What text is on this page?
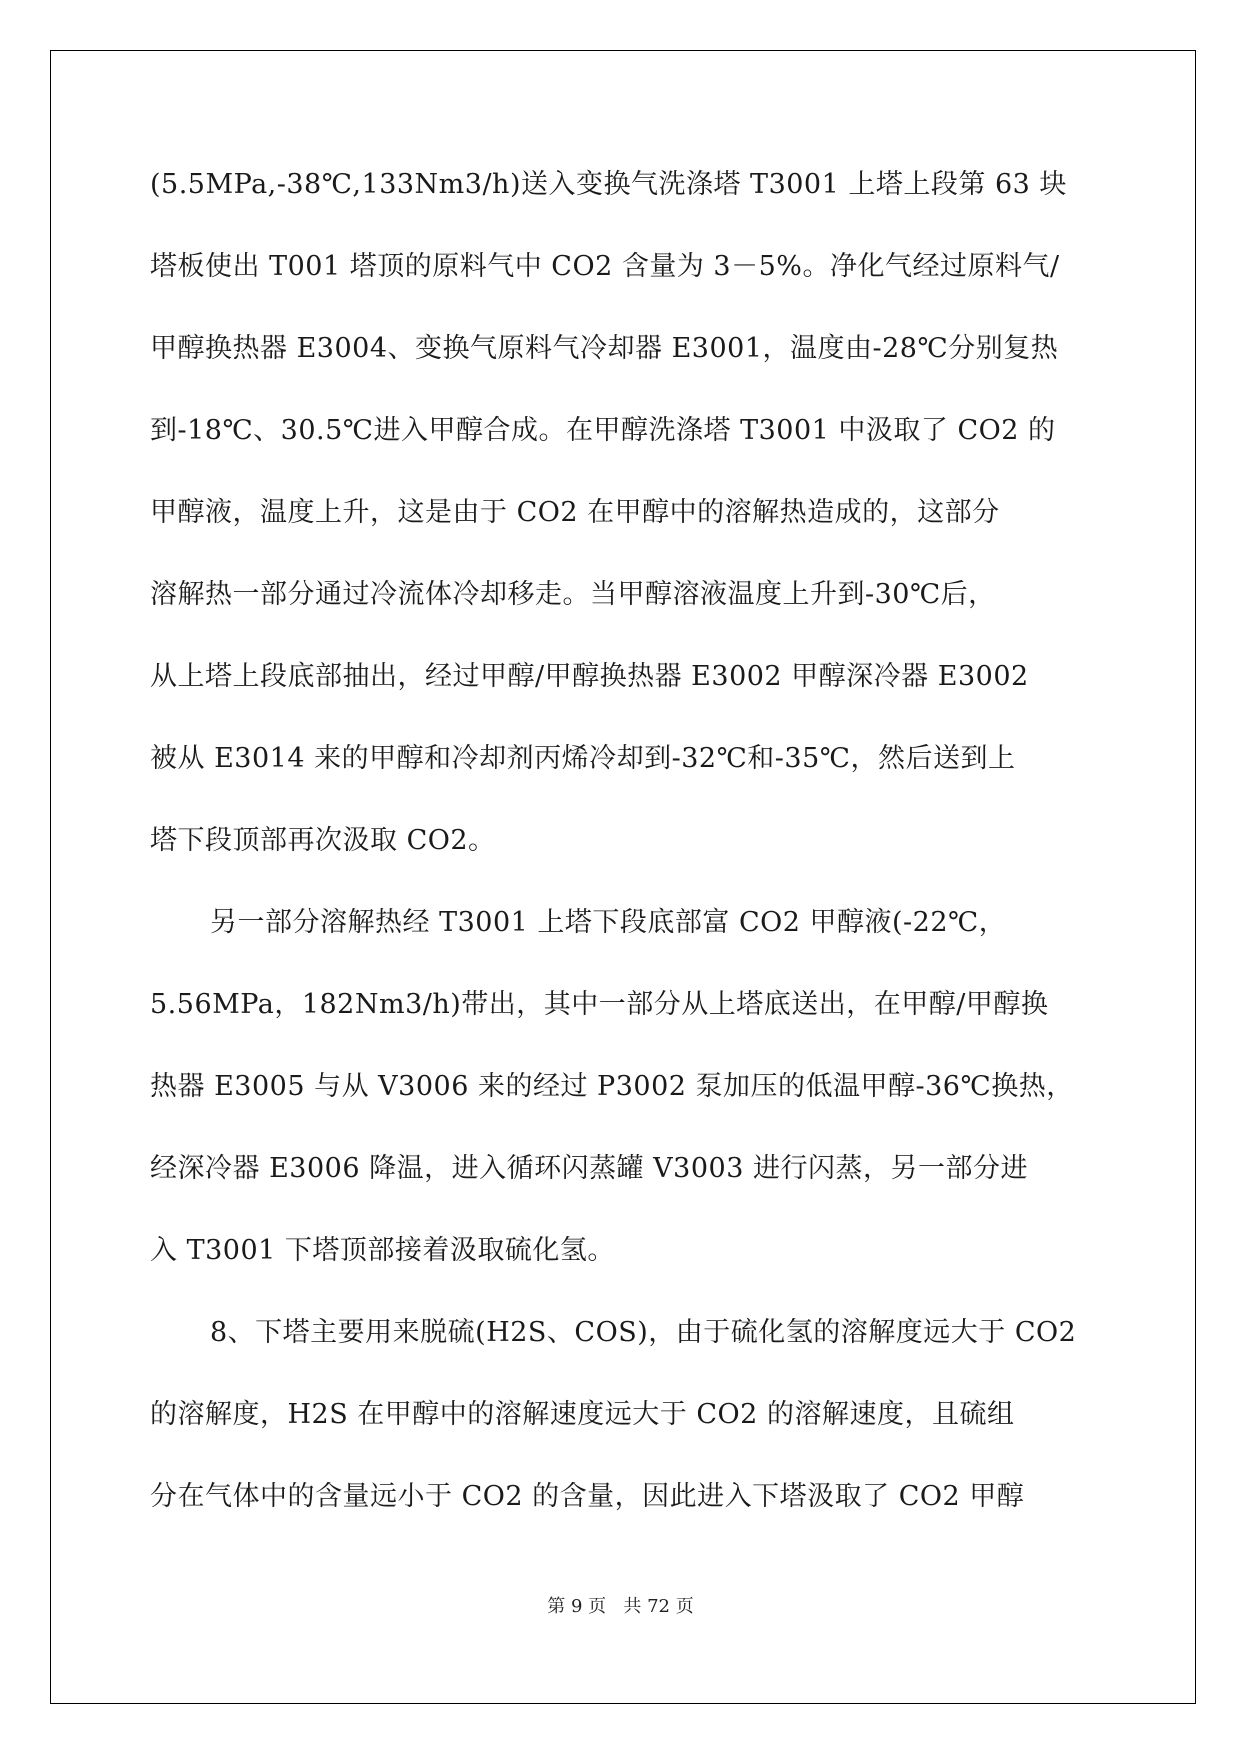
(5.5MPa,-38℃,133Nm3/h)送入变换气洗涤塔 T3001 上塔上段第 63 块
塔板使出 T001 塔顶的原料气中 CO2 含量为 3－5%。净化气经过原料气/
甲醇换热器 E3004、变换气原料气冷却器 E3001，温度由-28℃分别复热
到-18℃、30.5℃进入甲醇合成。在甲醇洗涤塔 T3001 中汲取了 CO2 的
甲醇液，温度上升，这是由于 CO2 在甲醇中的溶解热造成的，这部分
溶解热一部分通过冷流体冷却移走。当甲醇溶液温度上升到-30℃后，
从上塔上段底部抽出，经过甲醇/甲醇换热器 E3002 甲醇深冷器 E3002
被从 E3014 来的甲醇和冷却剂丙烯冷却到-32℃和-35℃，然后送到上
塔下段顶部再次汲取 CO2。
另一部分溶解热经 T3001 上塔下段底部富 CO2 甲醇液(-22℃，
5.56MPa，182Nm3/h)带出，其中一部分从上塔底送出，在甲醇/甲醇换
热器 E3005 与从 V3006 来的经过 P3002 泵加压的低温甲醇-36℃换热，
经深冷器 E3006 降温，进入循环闪蒸罐 V3003 进行闪蒸，另一部分进
入 T3001 下塔顶部接着汲取硫化氢。
8、下塔主要用来脱硫(H2S、COS)，由于硫化氢的溶解度远大于 CO2
的溶解度，H2S 在甲醇中的溶解速度远大于 CO2 的溶解速度，且硫组
分在气体中的含量远小于 CO2 的含量，因此进入下塔汲取了 CO2 甲醇
第 9 页 共 72 页
